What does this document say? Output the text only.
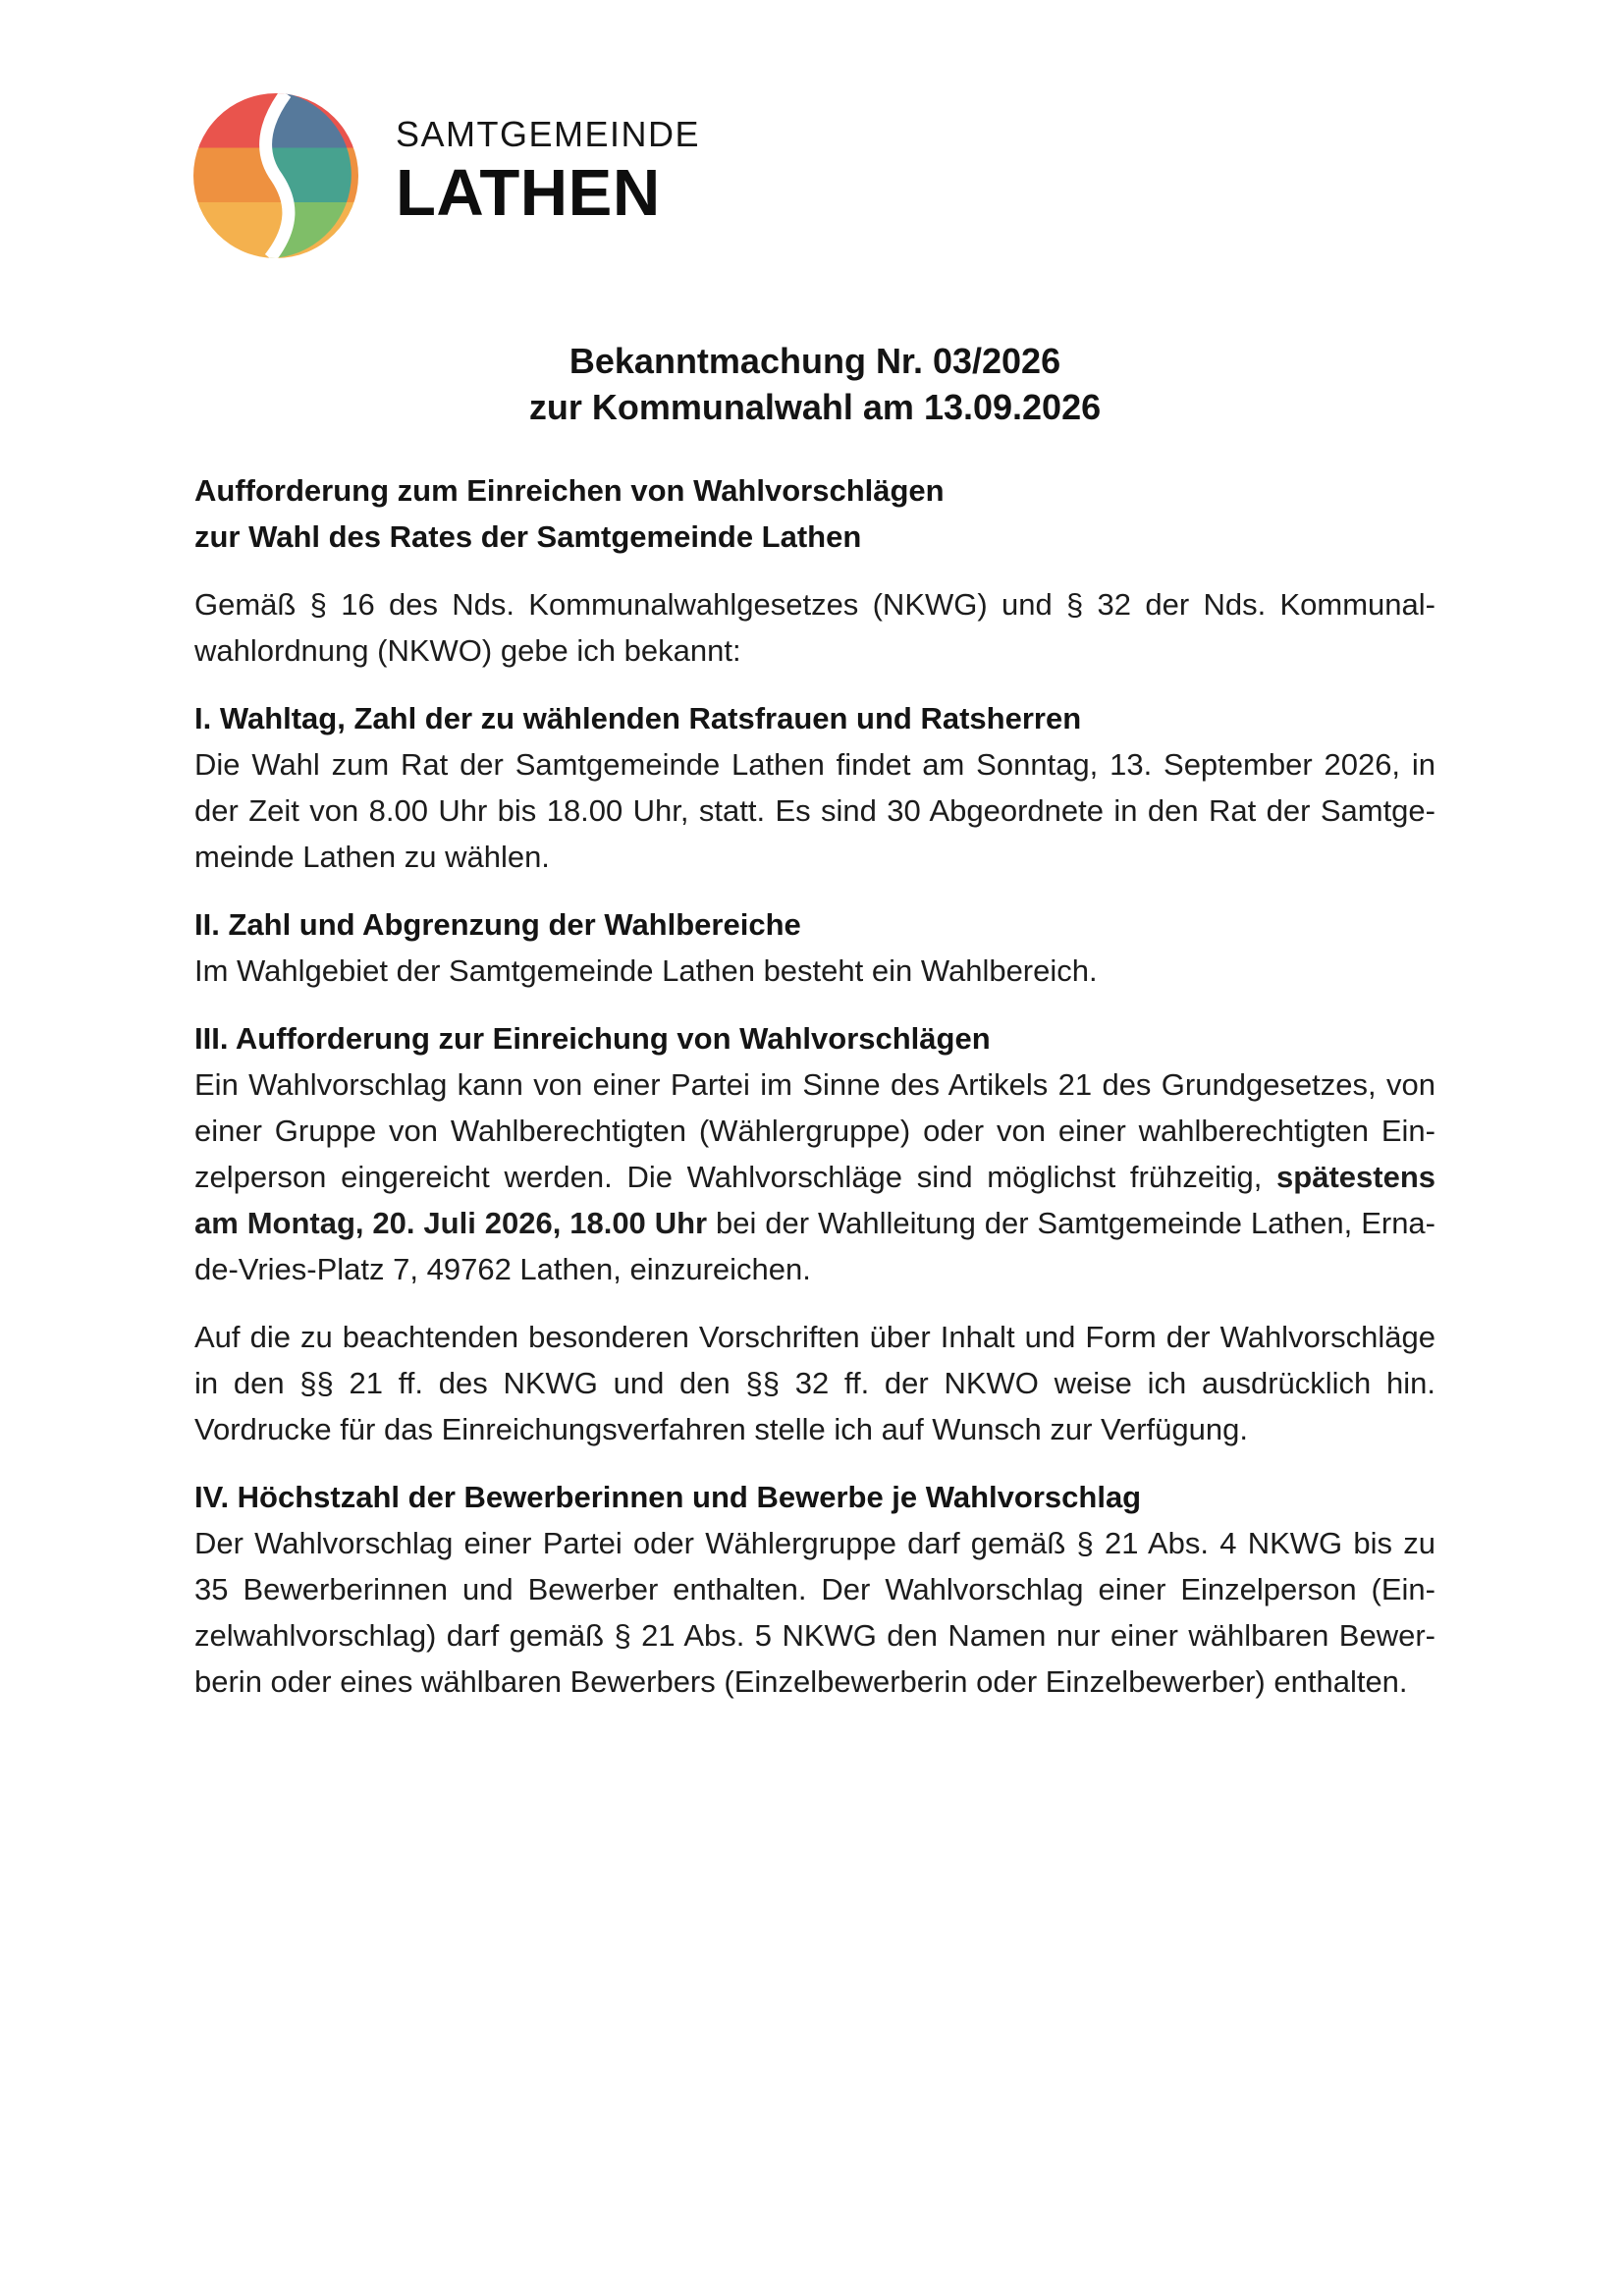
SAMTGEMEINDE
LATHEN
Bekanntmachung Nr. 03/2026
zur Kommunalwahl am 13.09.2026
Aufforderung zum Einreichen von Wahlvorschlägen
zur Wahl des Rates der Samtgemeinde Lathen

Gemäß § 16 des Nds. Kommunalwahlgesetzes (NKWG) und § 32 der Nds. Kommunalwahlordnung (NKWO) gebe ich bekannt:

I. Wahltag, Zahl der zu wählenden Ratsfrauen und Ratsherren

Die Wahl zum Rat der Samtgemeinde Lathen findet am Sonntag, 13. September 2026, in der Zeit von 8.00 Uhr bis 18.00 Uhr, statt. Es sind 30 Abgeordnete in den Rat der Samtgemeinde Lathen zu wählen.

II. Zahl und Abgrenzung der Wahlbereiche

Im Wahlgebiet der Samtgemeinde Lathen besteht ein Wahlbereich.

III. Aufforderung zur Einreichung von Wahlvorschlägen

Ein Wahlvorschlag kann von einer Partei im Sinne des Artikels 21 des Grundgesetzes, von einer Gruppe von Wahlberechtigten (Wählergruppe) oder von einer wahlberechtigten Einzelperson eingereicht werden. Die Wahlvorschläge sind möglichst frühzeitig, spätestens am Montag, 20. Juli 2026, 18.00 Uhr bei der Wahlleitung der Samtgemeinde Lathen, Erna-de-Vries-Platz 7, 49762 Lathen, einzureichen.

Auf die zu beachtenden besonderen Vorschriften über Inhalt und Form der Wahlvorschläge in den §§ 21 ff. des NKWG und den §§ 32 ff. der NKWO weise ich ausdrücklich hin. Vordrucke für das Einreichungsverfahren stelle ich auf Wunsch zur Verfügung.

IV. Höchstzahl der Bewerberinnen und Bewerbe je Wahlvorschlag

Der Wahlvorschlag einer Partei oder Wählergruppe darf gemäß § 21 Abs. 4 NKWG bis zu 35 Bewerberinnen und Bewerber enthalten. Der Wahlvorschlag einer Einzelperson (Einzelwahlvorschlag) darf gemäß § 21 Abs. 5 NKWG den Namen nur einer wählbaren Bewerberin oder eines wählbaren Bewerbers (Einzelbewerberin oder Einzelbewerber) enthalten.
